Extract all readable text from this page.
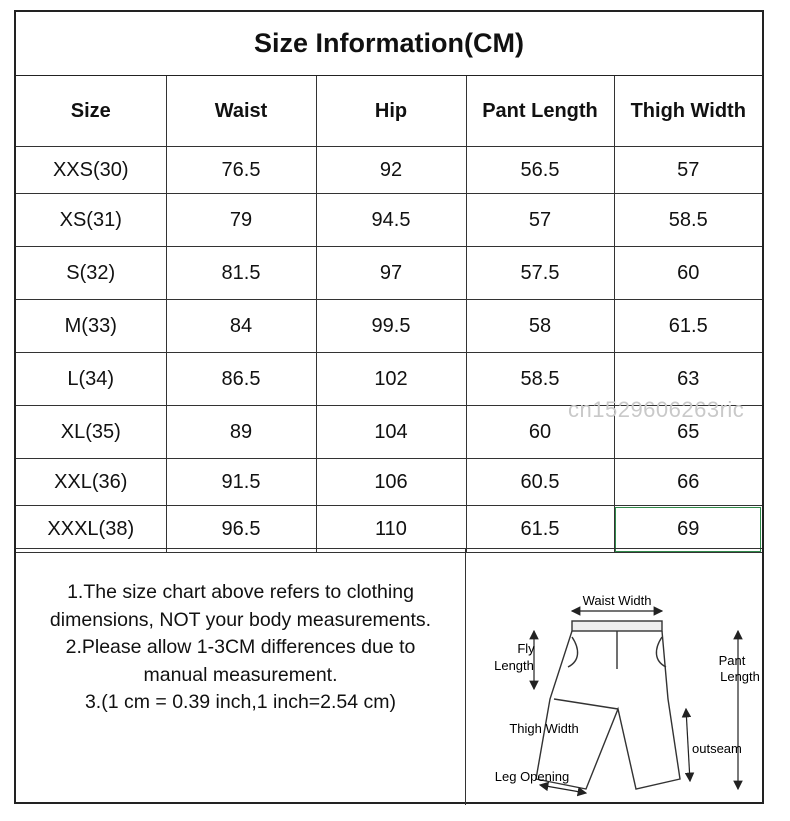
Size Information(CM)
Size	Waist	Hip	Pant Length	Thigh Width
XXS(30)	76.5	92	56.5	57
XS(31)	79	94.5	57	58.5
S(32)	81.5	97	57.5	60
M(33)	84	99.5	58	61.5
L(34)	86.5	102	58.5	63
XL(35)	89	104	60	65
XXL(36)	91.5	106	60.5	66
XXXL(38)	96.5	110	61.5	69
1.The size chart above refers to clothing
dimensions, NOT your body measurements.
2.Please allow 1-3CM differences due to
manual measurement.
3.(1 cm = 0.39 inch,1 inch=2.54 cm)
Waist Width
Fly
Length	Pant
Length
Thigh Width
outseam
Leg Opening
cn1529606263ric
